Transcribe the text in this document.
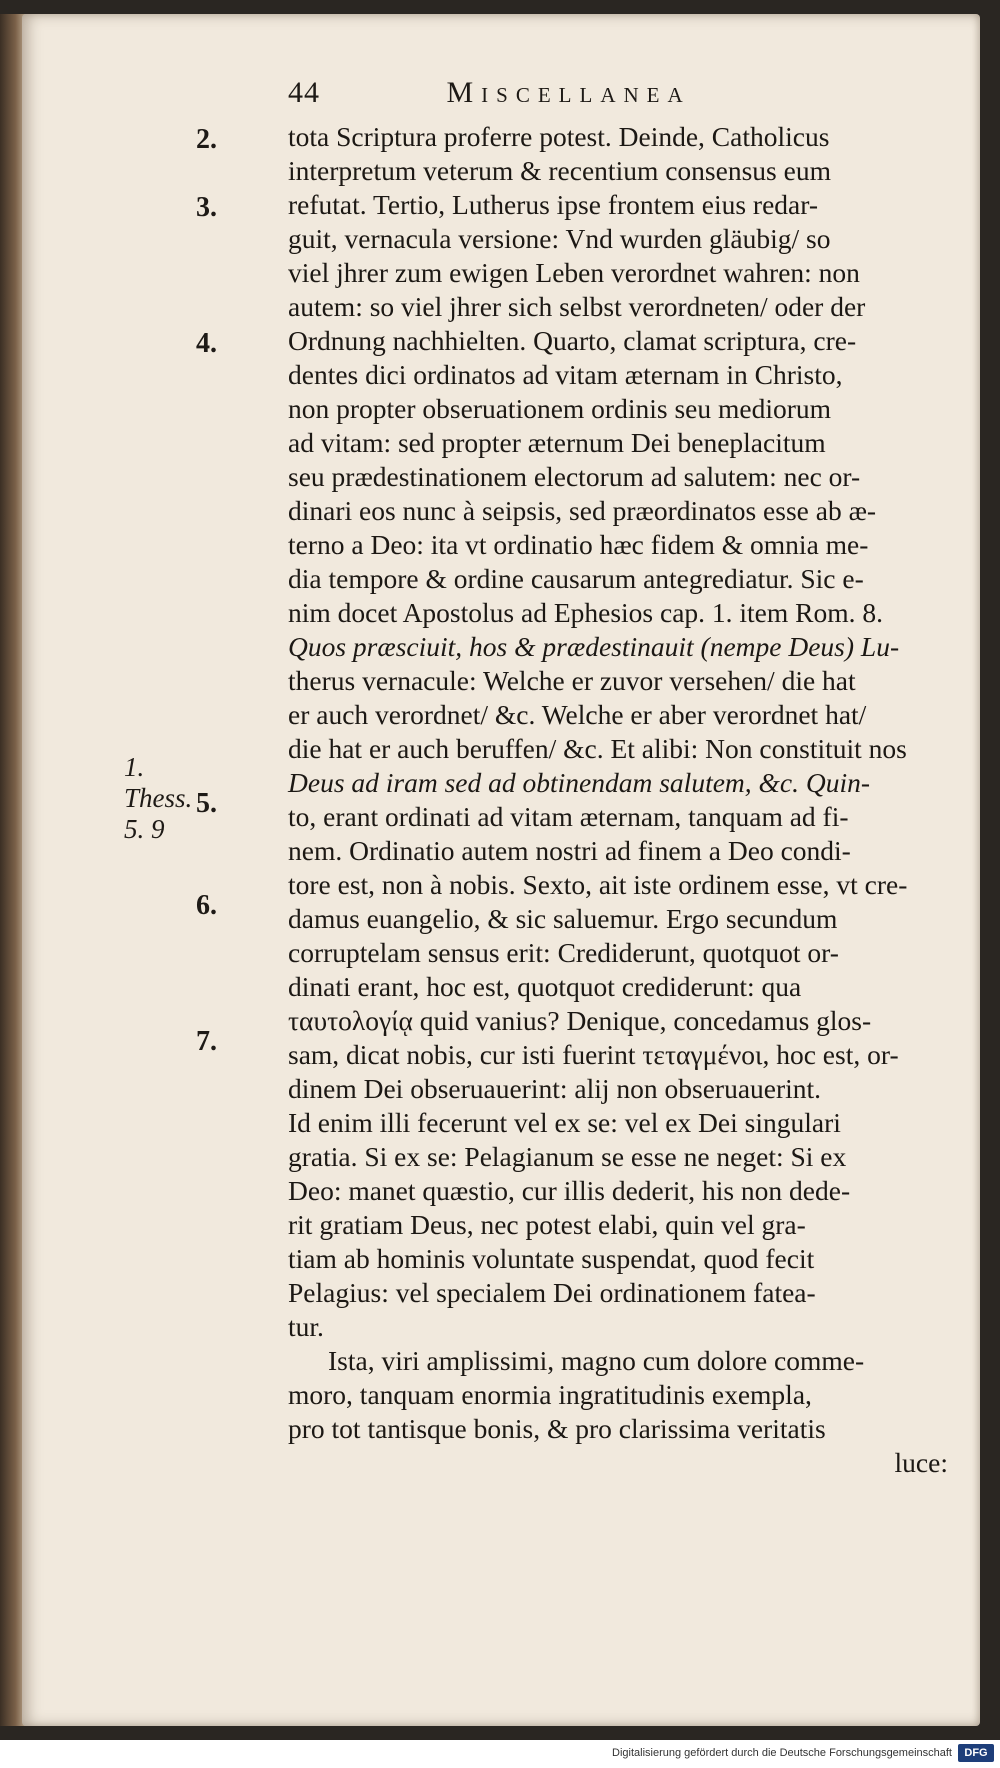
44	Miscellanea
2.
3.
4.
1. Thess. 5. 9
5.
6.
7.
tota Scriptura proferre potest. Deinde, Catholicus
interpretum veterum & recentium consensus eum
refutat. Tertio, Lutherus ipse frontem eius redar-
guit, vernacula versione: Vnd wurden gläubig/ so
viel jhrer zum ewigen Leben verordnet wahren: non
autem: so viel jhrer sich selbst verordneten/ oder der
Ordnung nachhielten. Quarto, clamat scriptura, cre-
dentes dici ordinatos ad vitam æternam in Christo,
non propter obseruationem ordinis seu mediorum
ad vitam: sed propter æternum Dei beneplacitum
seu prædestinationem electorum ad salutem: nec or-
dinari eos nunc à seipsis, sed præordinatos esse ab æ-
terno a Deo: ita vt ordinatio hæc fidem & omnia me-
dia tempore & ordine causarum antegrediatur. Sic e-
nim docet Apostolus ad Ephesios cap. 1. item Rom. 8.
Quos præsciuit, hos & prædestinauit (nempe Deus) Lu-
therus vernacule: Welche er zuvor versehen/ die hat
er auch verordnet/ &c. Welche er aber verordnet hat/
die hat er auch beruffen/ &c. Et alibi: Non constituit nos
Deus ad iram sed ad obtinendam salutem, &c. Quin-
to, erant ordinati ad vitam æternam, tanquam ad fi-
nem. Ordinatio autem nostri ad finem a Deo condi-
tore est, non à nobis. Sexto, ait iste ordinem esse, vt cre-
damus euangelio, & sic saluemur. Ergo secundum
corruptelam sensus erit: Crediderunt, quotquot or-
dinati erant, hoc est, quotquot crediderunt: qua
ταυτολογίᾳ quid vanius? Denique, concedamus glos-
sam, dicat nobis, cur isti fuerint τεταγμένοι, hoc est, or-
dinem Dei obseruauerint: alij non obseruauerint.
Id enim illi fecerunt vel ex se: vel ex Dei singulari
gratia. Si ex se: Pelagianum se esse ne neget: Si ex
Deo: manet quæstio, cur illis dederit, his non dede-
rit gratiam Deus, nec potest elabi, quin vel gra-
tiam ab hominis voluntate suspendat, quod fecit
Pelagius: vel specialem Dei ordinationem fatea-
tur.
Ista, viri amplissimi, magno cum dolore comme-
moro, tanquam enormia ingratitudinis exempla,
pro tot tantisque bonis, & pro clarissima veritatis
luce:
Digitalisierung gefördert durch die Deutsche Forschungsgemeinschaft	DFG
